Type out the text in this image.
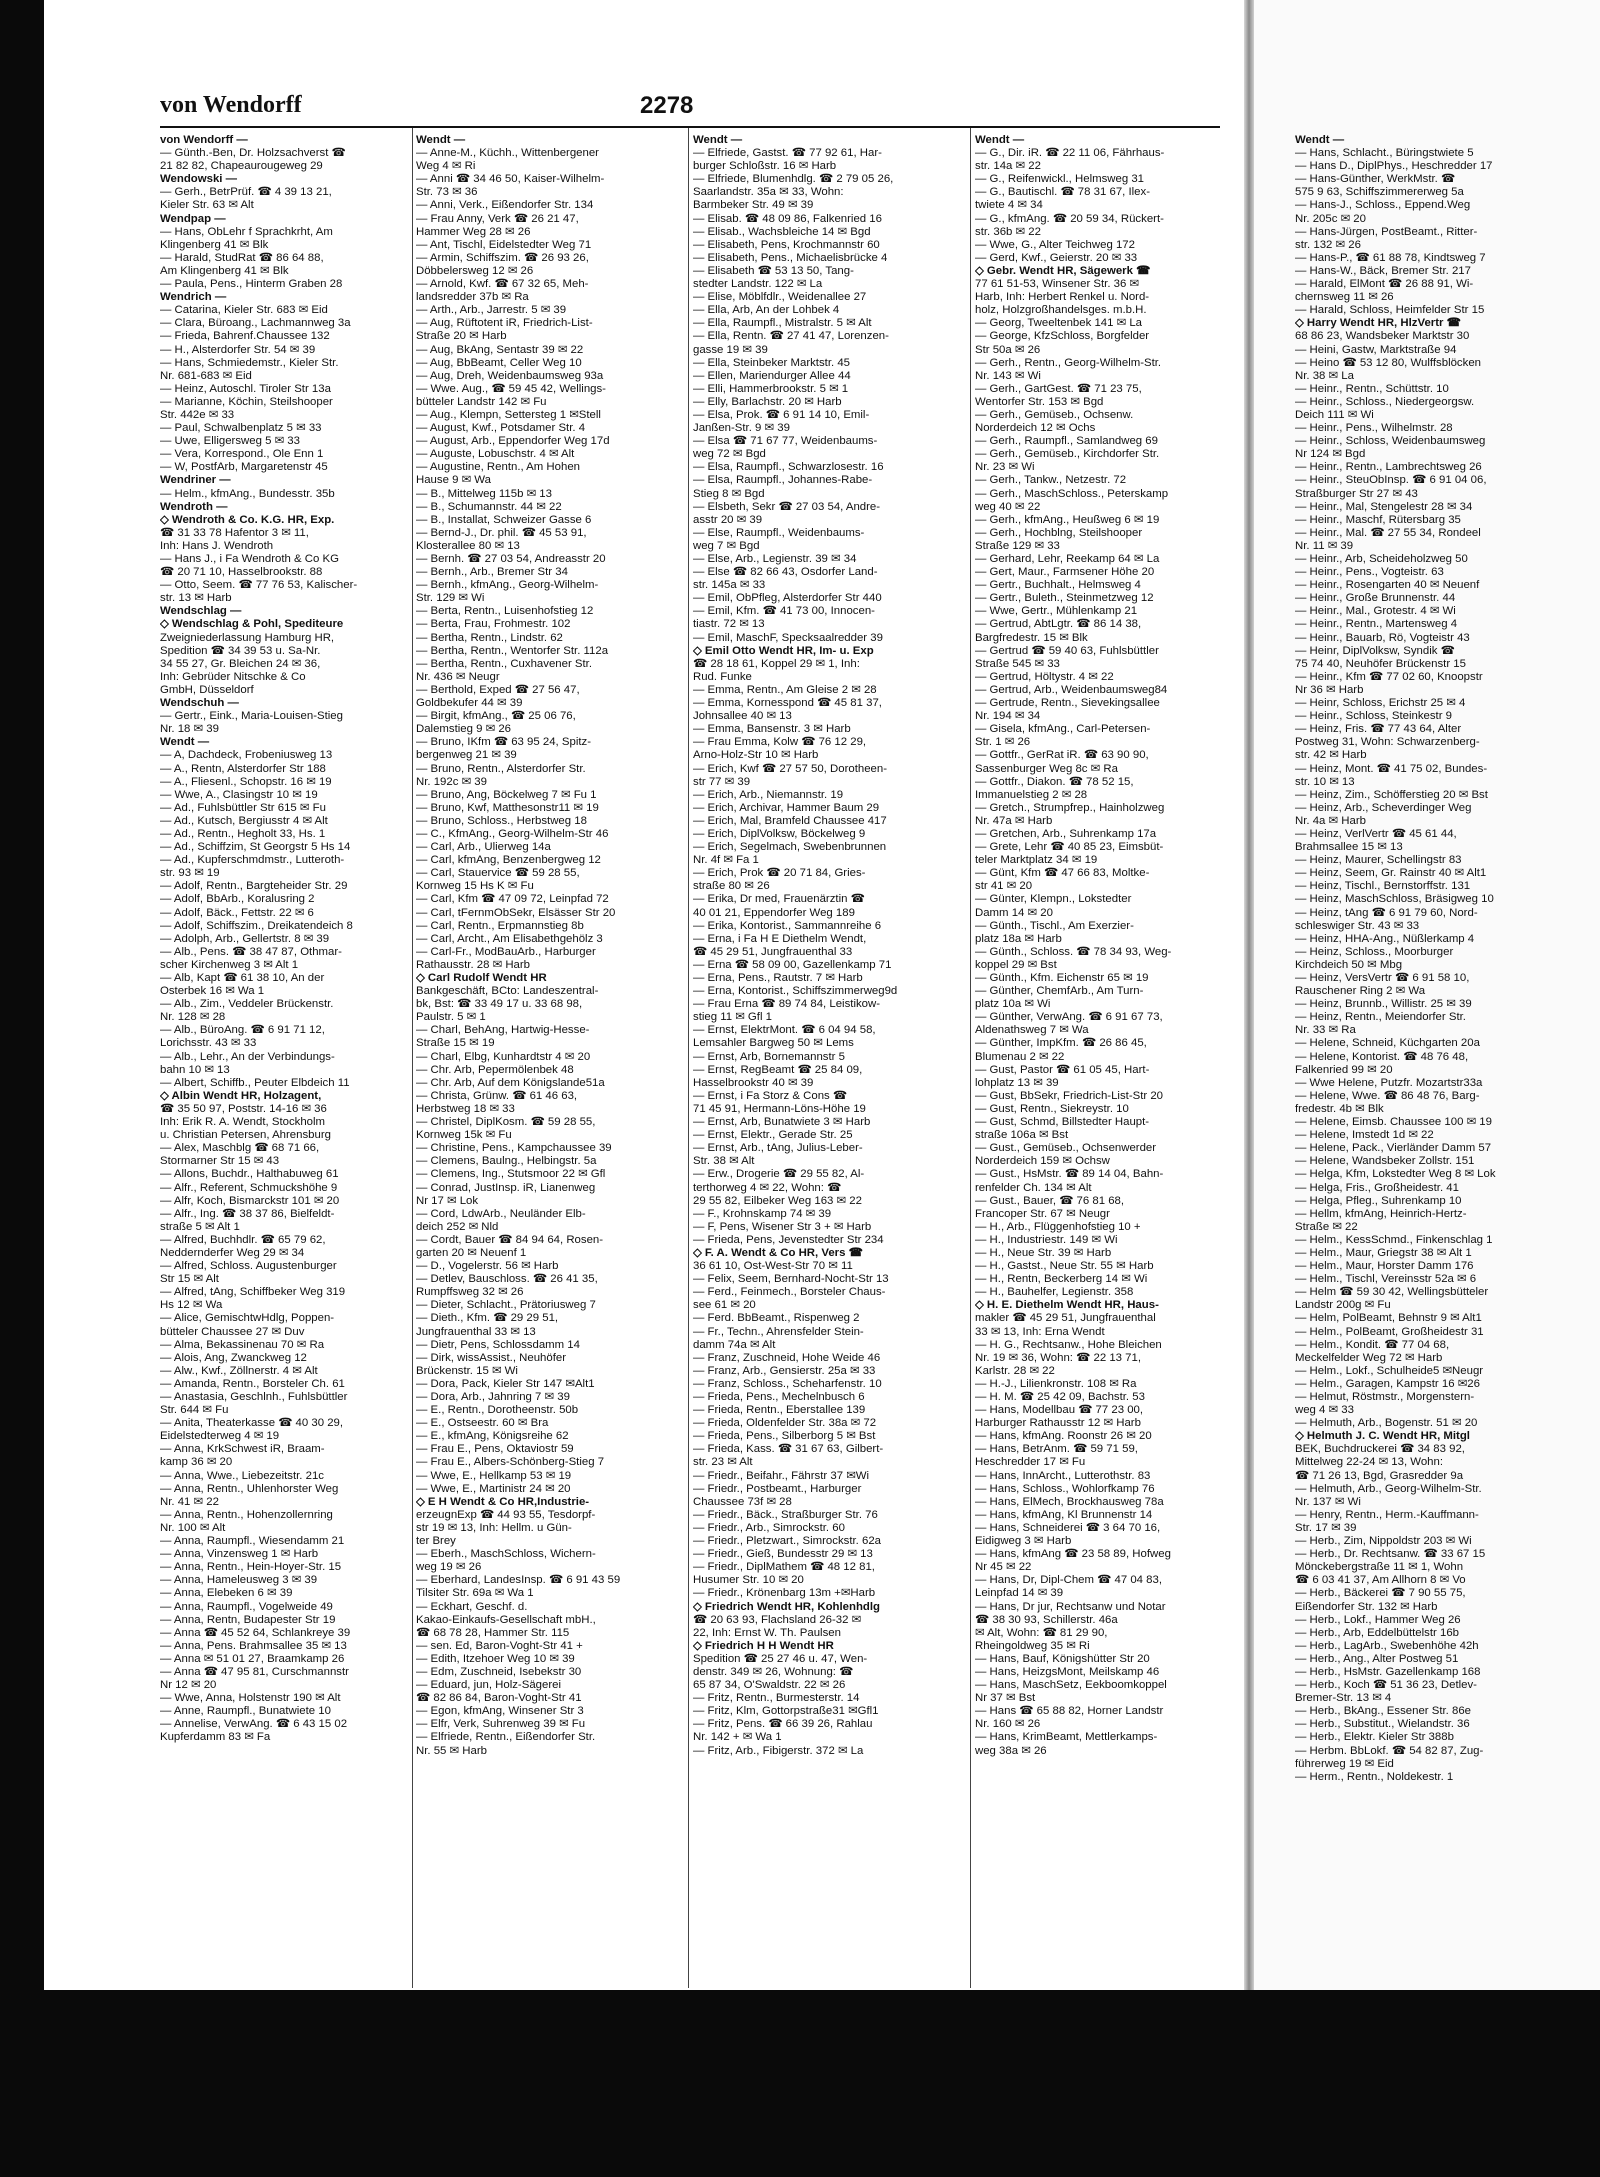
von Wendorff	2278
von Wendorff —
— Günth.-Ben, Dr. Holzsachverst ☎
21 82 82, Chapeaurougeweg 29
Wendowski —
— Gerh., BetrPrüf. ☎ 4 39 13 21,
Kieler Str. 63 ✉ Alt
Wendpap —
— Hans, ObLehr f Sprachkrht, Am
Klingenberg 41 ✉ Blk
— Harald, StudRat ☎ 86 64 88,
Am Klingenberg 41 ✉ Blk
— Paula, Pens., Hinterm Graben 28
Wendrich —
— Catarina, Kieler Str. 683 ✉ Eid
— Clara, Büroang., Lachmannweg 3a
— Frieda, Bahrenf.Chaussee 132
— H., Alsterdorfer Str. 54 ✉ 39
— Hans, Schmiedemstr., Kieler Str.
Nr. 681-683 ✉ Eid
— Heinz, Autoschl. Tiroler Str 13a
— Marianne, Köchin, Steilshooper
Str. 442e ✉ 33
— Paul, Schwalbenplatz 5 ✉ 33
— Uwe, Elligersweg 5 ✉ 33
— Vera, Korrespond., Ole Enn 1
— W, PostfArb, Margaretenstr 45
Wendriner —
— Helm., kfmAng., Bundesstr. 35b
Wendroth —
◇ Wendroth & Co. K.G. HR, Exp.
☎ 31 33 78 Hafentor 3 ✉ 11,
Inh: Hans J. Wendroth
— Hans J., i Fa Wendroth & Co KG
☎ 20 71 10, Hasselbrookstr. 88
— Otto, Seem. ☎ 77 76 53, Kalischer-
str. 13 ✉ Harb
Wendschlag —
◇ Wendschlag & Pohl, Spediteure
Zweigniederlassung Hamburg HR,
Spedition ☎ 34 39 53 u. Sa-Nr.
34 55 27, Gr. Bleichen 24 ✉ 36,
Inh: Gebrüder Nitschke & Co
GmbH, Düsseldorf
Wendschuh —
— Gertr., Eink., Maria-Louisen-Stieg
Nr. 18 ✉ 39
Wendt —
— A, Dachdeck, Frobeniusweg 13
— A., Rentn, Alsterdorfer Str 188
— A., Fliesenl., Schopstr. 16 ✉ 19
— Wwe, A., Clasingstr 10 ✉ 19
— Ad., Fuhlsbüttler Str 615 ✉ Fu
— Ad., Kutsch, Bergiusstr 4 ✉ Alt
— Ad., Rentn., Hegholt 33, Hs. 1
— Ad., Schiffzim, St Georgstr 5 Hs 14
— Ad., Kupferschmdmstr., Lutteroth-
str. 93 ✉ 19
— Adolf, Rentn., Bargteheider Str. 29
— Adolf, BbArb., Koralusring 2
— Adolf, Bäck., Fettstr. 22 ✉ 6
— Adolf, Schiffszim., Dreikatendeich 8
— Adolph, Arb., Gellertstr. 8 ✉ 39
— Alb., Pens. ☎ 38 47 87, Othmar-
scher Kirchenweg 3 ✉ Alt 1
— Alb, Kapt ☎ 61 38 10, An der
Osterbek 16 ✉ Wa 1
— Alb., Zim., Veddeler Brückenstr.
Nr. 128 ✉ 28
— Alb., BüroAng. ☎ 6 91 71 12,
Lorichsstr. 43 ✉ 33
— Alb., Lehr., An der Verbindungs-
bahn 10 ✉ 13
— Albert, Schiffb., Peuter Elbdeich 11
◇ Albin Wendt HR, Holzagent,
☎ 35 50 97, Poststr. 14-16 ✉ 36
Inh: Erik R. A. Wendt, Stockholm
u. Christian Petersen, Ahrensburg
— Alex, Maschblg ☎ 68 71 66,
Stormarner Str 15 ✉ 43
— Allons, Buchdr., Halthabuweg 61
— Alfr., Referent, Schmuckshöhe 9
— Alfr, Koch, Bismarckstr 101 ✉ 20
— Alfr., Ing. ☎ 38 37 86, Bielfeldt-
straße 5 ✉ Alt 1
— Alfred, Buchhdlr. ☎ 65 79 62,
Neddernderfer Weg 29 ✉ 34
— Alfred, Schloss. Augustenburger
Str 15 ✉ Alt
— Alfred, tAng, Schiffbeker Weg 319
Hs 12 ✉ Wa
— Alice, GemischtwHdlg, Poppen-
bütteler Chaussee 27 ✉ Duv
— Alma, Bekassinenau 70 ✉ Ra
— Alois, Ang, Zwanckweg 12
— Alw., Kwf., Zöllnerstr. 4 ✉ Alt
— Amanda, Rentn., Borsteler Ch. 61
— Anastasia, Geschlnh., Fuhlsbüttler
Str. 644 ✉ Fu
— Anita, Theaterkasse ☎ 40 30 29,
Eidelstedterweg 4 ✉ 19
— Anna, KrkSchwest iR, Braam-
kamp 36 ✉ 20
— Anna, Wwe., Liebezeitstr. 21c
— Anna, Rentn., Uhlenhorster Weg
Nr. 41 ✉ 22
— Anna, Rentn., Hohenzollernring
Nr. 100 ✉ Alt
— Anna, Raumpfl., Wiesendamm 21
— Anna, Vinzensweg 1 ✉ Harb
— Anna, Rentn., Hein-Hoyer-Str. 15
— Anna, Hameleusweg 3 ✉ 39
— Anna, Elebeken 6 ✉ 39
— Anna, Raumpfl., Vogelweide 49
— Anna, Rentn, Budapester Str 19
— Anna ☎ 45 52 64, Schlankreye 39
— Anna, Pens. Brahmsallee 35 ✉ 13
— Anna ✉ 51 01 27, Braamkamp 26
— Anna ☎ 47 95 81, Curschmannstr
Nr 12 ✉ 20
— Wwe, Anna, Holstenstr 190 ✉ Alt
— Anne, Raumpfl., Bunatwiete 10
— Annelise, VerwAng. ☎ 6 43 15 02
Kupferdamm 83 ✉ Fa
Wendt —
— Anne-M., Küchh., Wittenbergener
Weg 4 ✉ Ri
— Anni ☎ 34 46 50, Kaiser-Wilhelm-
Str. 73 ✉ 36
— Anni, Verk., Eißendorfer Str. 134
— Frau Anny, Verk ☎ 26 21 47,
Hammer Weg 28 ✉ 26
— Ant, Tischl, Eidelstedter Weg 71
— Armin, Schiffszim. ☎ 26 93 26,
Döbbelersweg 12 ✉ 26
— Arnold, Kwf. ☎ 67 32 65, Meh-
landsredder 37b ✉ Ra
— Arth., Arb., Jarrestr. 5 ✉ 39
— Aug, Rüftotent iR, Friedrich-List-
Straße 20 ✉ Harb
— Aug, BkAng, Sentastr 39 ✉ 22
— Aug, BbBeamt, Celler Weg 10
— Aug, Dreh, Weidenbaumsweg 93a
— Wwe. Aug., ☎ 59 45 42, Wellings-
bütteler Landstr 142 ✉ Fu
— Aug., Klempn, Settersteg 1 ✉Stell
— August, Kwf., Potsdamer Str. 4
— August, Arb., Eppendorfer Weg 17d
— Auguste, Lobuschstr. 4 ✉ Alt
— Augustine, Rentn., Am Hohen
Hause 9 ✉ Wa
— B., Mittelweg 115b ✉ 13
— B., Schumannstr. 44 ✉ 22
— B., Installat, Schweizer Gasse 6
— Bernd-J., Dr. phil. ☎ 45 53 91,
Klosterallee 80 ✉ 13
— Bernh. ☎ 27 03 54, Andreasstr 20
— Bernh., Arb., Bremer Str 34
— Bernh., kfmAng., Georg-Wilhelm-
Str. 129 ✉ Wi
— Berta, Rentn., Luisenhofstieg 12
— Berta, Frau, Frohmestr. 102
— Bertha, Rentn., Lindstr. 62
— Bertha, Rentn., Wentorfer Str. 112a
— Bertha, Rentn., Cuxhavener Str.
Nr. 436 ✉ Neugr
— Berthold, Exped ☎ 27 56 47,
Goldbekufer 44 ✉ 39
— Birgit, kfmAng., ☎ 25 06 76,
Dalemstieg 9 ✉ 26
— Bruno, IKfm ☎ 63 95 24, Spitz-
bergenweg 21 ✉ 39
— Bruno, Rentn., Alsterdorfer Str.
Nr. 192c ✉ 39
— Bruno, Ang, Böckelweg 7 ✉ Fu 1
— Bruno, Kwf, Matthesonstr11 ✉ 19
— Bruno, Schloss., Herbstweg 18
— C., KfmAng., Georg-Wilhelm-Str 46
— Carl, Arb., Ulierweg 14a
— Carl, kfmAng, Benzenbergweg 12
— Carl, Stauervice ☎ 59 28 55,
Kornweg 15 Hs K ✉ Fu
— Carl, Kfm ☎ 47 09 72, Leinpfad 72
— Carl, tFernmObSekr, Elsässer Str 20
— Carl, Rentn., Erpmannstieg 8b
— Carl, Archt., Am Elisabethgehölz 3
— Carl-Fr., ModBauArb., Harburger
Rathausstr. 28 ✉ Harb
◇ Carl Rudolf Wendt HR
Bankgeschäft, BCto: Landeszentral-
bk, Bst: ☎ 33 49 17 u. 33 68 98,
Paulstr. 5 ✉ 1
— Charl, BehAng, Hartwig-Hesse-
Straße 15 ✉ 19
— Charl, Elbg, Kunhardtstr 4 ✉ 20
— Chr. Arb, Pepermölenbek 48
— Chr. Arb, Auf dem Königslande51a
— Christa, Grünw. ☎ 61 46 63,
Herbstweg 18 ✉ 33
— Christel, DiplKosm. ☎ 59 28 55,
Kornweg 15k ✉ Fu
— Christine, Pens., Kampchaussee 39
— Clemens, Baulng., Helbingstr. 5a
— Clemens, Ing., Stutsmoor 22 ✉ Gfl
— Conrad, JustInsp. iR, Lianenweg
Nr 17 ✉ Lok
— Cord, LdwArb., Neuländer Elb-
deich 252 ✉ Nld
— Cordt, Bauer ☎ 84 94 64, Rosen-
garten 20 ✉ Neuenf 1
— D., Vogelerstr. 56 ✉ Harb
— Detlev, Bauschloss. ☎ 26 41 35,
Rumpffsweg 32 ✉ 26
— Dieter, Schlacht., Prätoriusweg 7
— Dieth., Kfm. ☎ 29 29 51,
Jungfrauenthal 33 ✉ 13
— Dietr, Pens, Schlossdamm 14
— Dirk, wissAssist., Neuhöfer
Brückenstr. 15 ✉ Wi
— Dora, Pack, Kieler Str 147 ✉Alt1
— Dora, Arb., Jahnring 7 ✉ 39
— E., Rentn., Dorotheenstr. 50b
— E., Ostseestr. 60 ✉ Bra
— E., kfmAng, Königsreihe 62
— Frau E., Pens, Oktaviostr 59
— Frau E., Albers-Schönberg-Stieg 7
— Wwe, E., Hellkamp 53 ✉ 19
— Wwe, E., Martinistr 24 ✉ 20
◇ E H Wendt & Co HR,Industrie-
erzeugnExp ☎ 44 93 55, Tesdorpf-
str 19 ✉ 13, Inh: Hellm. u Gün-
ter Brey
— Eberh., MaschSchloss, Wichern-
weg 19 ✉ 26
— Eberhard, LandesInsp. ☎ 6 91 43 59
Tilsiter Str. 69a ✉ Wa 1
— Eckhart, Geschf. d.
Kakao-Einkaufs-Gesellschaft mbH.,
☎ 68 78 28, Hammer Str. 115
— sen. Ed, Baron-Voght-Str 41 +
— Edith, Itzehoer Weg 10 ✉ 39
— Edm, Zuschneid, Isebekstr 30
— Eduard, jun, Holz-Sägerei
☎ 82 86 84, Baron-Voght-Str 41
— Egon, kfmAng, Winsener Str 3
— Elfr, Verk, Suhrenweg 39 ✉ Fu
— Elfriede, Rentn., Eißendorfer Str.
Nr. 55 ✉ Harb
Wendt —
— Elfriede, Gastst. ☎ 77 92 61, Har-
burger Schloßstr. 16 ✉ Harb
— Elfriede, Blumenhdlg. ☎ 2 79 05 26,
Saarlandstr. 35a ✉ 33, Wohn:
Barmbeker Str. 49 ✉ 39
— Elisab. ☎ 48 09 86, Falkenried 16
— Elisab., Wachsbleiche 14 ✉ Bgd
— Elisabeth, Pens, Krochmannstr 60
— Elisabeth, Pens., Michaelisbrücke 4
— Elisabeth ☎ 53 13 50, Tang-
stedter Landstr. 122 ✉ La
— Elise, Möblfdlr., Weidenallee 27
— Ella, Arb, An der Lohbek 4
— Ella, Raumpfl., Mistralstr. 5 ✉ Alt
— Ella, Rentn. ☎ 27 41 47, Lorenzen-
gasse 19 ✉ 39
— Ella, Steinbeker Marktstr. 45
— Ellen, Mariendurger Allee 44
— Elli, Hammerbrookstr. 5 ✉ 1
— Elly, Barlachstr. 20 ✉ Harb
— Elsa, Prok. ☎ 6 91 14 10, Emil-
Janßen-Str. 9 ✉ 39
— Elsa ☎ 71 67 77, Weidenbaums-
weg 72 ✉ Bgd
— Elsa, Raumpfl., Schwarzlosestr. 16
— Elsa, Raumpfl., Johannes-Rabe-
Stieg 8 ✉ Bgd
— Elsbeth, Sekr ☎ 27 03 54, Andre-
asstr 20 ✉ 39
— Else, Raumpfl., Weidenbaums-
weg 7 ✉ Bgd
— Else, Arb., Legienstr. 39 ✉ 34
— Else ☎ 82 66 43, Osdorfer Land-
str. 145a ✉ 33
— Emil, ObPfleg, Alsterdorfer Str 440
— Emil, Kfm. ☎ 41 73 00, Innocen-
tiastr. 72 ✉ 13
— Emil, MaschF, Specksaalredder 39
◇ Emil Otto Wendt HR, Im- u. Exp
☎ 28 18 61, Koppel 29 ✉ 1, Inh:
Rud. Funke
— Emma, Rentn., Am Gleise 2 ✉ 28
— Emma, Kornesspond ☎ 45 81 37,
Johnsallee 40 ✉ 13
— Emma, Bansenstr. 3 ✉ Harb
— Frau Emma, Kolw ☎ 76 12 29,
Arno-Holz-Str 10 ✉ Harb
— Erich, Kwf ☎ 27 57 50, Dorotheen-
str 77 ✉ 39
— Erich, Arb., Niemannstr. 19
— Erich, Archivar, Hammer Baum 29
— Erich, Mal, Bramfeld Chaussee 417
— Erich, DiplVolksw, Böckelweg 9
— Erich, Segelmach, Swebenbrunnen
Nr. 4f ✉ Fa 1
— Erich, Prok ☎ 20 71 84, Gries-
straße 80 ✉ 26
— Erika, Dr med, Frauenärztin ☎
40 01 21, Eppendorfer Weg 189
— Erika, Kontorist., Sammannreihe 6
— Erna, i Fa H E Diethelm Wendt,
☎ 45 29 51, Jungfrauenthal 33
— Erna ☎ 58 09 00, Gazellenkamp 71
— Erna, Pens., Rautstr. 7 ✉ Harb
— Erna, Kontorist., Schiffszimmerweg9d
— Frau Erna ☎ 89 74 84, Leistikow-
stieg 11 ✉ Gfl 1
— Ernst, ElektrMont. ☎ 6 04 94 58,
Lemsahler Bargweg 50 ✉ Lems
— Ernst, Arb, Bornemannstr 5
— Ernst, RegBeamt ☎ 25 84 09,
Hasselbrookstr 40 ✉ 39
— Ernst, i Fa Storz & Cons ☎
71 45 91, Hermann-Löns-Höhe 19
— Ernst, Arb, Bunatwiete 3 ✉ Harb
— Ernst, Elektr., Gerade Str. 25
— Ernst, Arb., tAng, Julius-Leber-
Str. 38 ✉ Alt
— Erw., Drogerie ☎ 29 55 82, Al-
terthorweg 4 ✉ 22, Wohn: ☎
29 55 82, Eilbeker Weg 163 ✉ 22
— F., Krohnskamp 74 ✉ 39
— F, Pens, Wisener Str 3 + ✉ Harb
— Frieda, Pens, Jevenstedter Str 234
◇ F. A. Wendt & Co HR, Vers ☎
36 61 10, Ost-West-Str 70 ✉ 11
— Felix, Seem, Bernhard-Nocht-Str 13
— Ferd., Feinmech., Borsteler Chaus-
see 61 ✉ 20
— Ferd. BbBeamt., Rispenweg 2
— Fr., Techn., Ahrensfelder Stein-
damm 74a ✉ Alt
— Franz, Zuschneid, Hohe Weide 46
— Franz, Arb., Gensierstr. 25a ✉ 33
— Franz, Schloss., Scheharfenstr. 10
— Frieda, Pens., Mechelnbusch 6
— Frieda, Rentn., Eberstallee 139
— Frieda, Oldenfelder Str. 38a ✉ 72
— Frieda, Pens., Silberborg 5 ✉ Bst
— Frieda, Kass. ☎ 31 67 63, Gilbert-
str. 23 ✉ Alt
— Friedr., Beifahr., Fährstr 37 ✉Wi
— Friedr., Postbeamt., Harburger
Chaussee 73f ✉ 28
— Friedr., Bäck., Straßburger Str. 76
— Friedr., Arb., Simrockstr. 60
— Friedr., Pletzwart., Simrockstr. 62a
— Friedr., Gieß, Bundesstr 29 ✉ 13
— Friedr., DiplMathem ☎ 48 12 81,
Husumer Str. 10 ✉ 20
— Friedr., Krönenbarg 13m +✉Harb
◇ Friedrich Wendt HR, Kohlenhdlg
☎ 20 63 93, Flachsland 26-32 ✉
22, Inh: Ernst W. Th. Paulsen
◇ Friedrich H H Wendt HR
Spedition ☎ 25 27 46 u. 47, Wen-
denstr. 349 ✉ 26, Wohnung: ☎
65 87 34, O'Swaldstr. 22 ✉ 26
— Fritz, Rentn., Burmesterstr. 14
— Fritz, Klm, Gottorpstraße31 ✉Gfl1
— Fritz, Pens. ☎ 66 39 26, Rahlau
Nr. 142 + ✉ Wa 1
— Fritz, Arb., Fibigerstr. 372 ✉ La
Wendt —
— G., Dir. iR. ☎ 22 11 06, Fährhaus-
str. 14a ✉ 22
— G., Reifenwickl., Helmsweg 31
— G., Bautischl. ☎ 78 31 67, Ilex-
twiete 4 ✉ 34
— G., kfmAng. ☎ 20 59 34, Rückert-
str. 36b ✉ 22
— Wwe, G., Alter Teichweg 172
— Gerd, Kwf., Geierstr. 20 ✉ 33
◇ Gebr. Wendt HR, Sägewerk ☎
77 61 51-53, Winsener Str. 36 ✉
Harb, Inh: Herbert Renkel u. Nord-
holz, Holzgroßhandelsges. m.b.H.
— Georg, Tweeltenbek 141 ✉ La
— George, KfzSchloss, Borgfelder
Str 50a ✉ 26
— Gerh., Rentn., Georg-Wilhelm-Str.
Nr. 143 ✉ Wi
— Gerh., GartGest. ☎ 71 23 75,
Wentorfer Str. 153 ✉ Bgd
— Gerh., Gemüseb., Ochsenw.
Norderdeich 12 ✉ Ochs
— Gerh., Raumpfl., Samlandweg 69
— Gerh., Gemüseb., Kirchdorfer Str.
Nr. 23 ✉ Wi
— Gerh., Tankw., Netzestr. 72
— Gerh., MaschSchloss., Peterskamp
weg 40 ✉ 22
— Gerh., kfmAng., Heußweg 6 ✉ 19
— Gerh., Hochblng, Steilshooper
Straße 129 ✉ 33
— Gerhard, Lehr, Reekamp 64 ✉ La
— Gert, Maur., Farmsener Höhe 20
— Gertr., Buchhalt., Helmsweg 4
— Gertr., Buleth., Steinmetzweg 12
— Wwe, Gertr., Mühlenkamp 21
— Gertrud, AbtLgtr. ☎ 86 14 38,
Bargfredestr. 15 ✉ Blk
— Gertrud ☎ 59 40 63, Fuhlsbüttler
Straße 545 ✉ 33
— Gertrud, Höltystr. 4 ✉ 22
— Gertrud, Arb., Weidenbaumsweg84
— Gertrude, Rentn., Sievekingsallee
Nr. 194 ✉ 34
— Gisela, kfmAng., Carl-Petersen-
Str. 1 ✉ 26
— Gottfr., GerRat iR. ☎ 63 90 90,
Sassenburger Weg 8c ✉ Ra
— Gottfr., Diakon. ☎ 78 52 15,
Immanuelstieg 2 ✉ 28
— Gretch., Strumpfrep., Hainholzweg
Nr. 47a ✉ Harb
— Gretchen, Arb., Suhrenkamp 17a
— Grete, Lehr ☎ 40 85 23, Eimsbüt-
teler Marktplatz 34 ✉ 19
— Günt, Kfm ☎ 47 66 83, Moltke-
str 41 ✉ 20
— Günter, Klempn., Lokstedter
Damm 14 ✉ 20
— Günth., Tischl., Am Exerzier-
platz 18a ✉ Harb
— Günth., Schloss. ☎ 78 34 93, Weg-
koppel 29 ✉ Bst
— Günth., Kfm. Eichenstr 65 ✉ 19
— Günther, ChemfArb., Am Turn-
platz 10a ✉ Wi
— Günther, VerwAng. ☎ 6 91 67 73,
Aldenathsweg 7 ✉ Wa
— Günther, ImpKfm. ☎ 26 86 45,
Blumenau 2 ✉ 22
— Gust, Pastor ☎ 61 05 45, Hart-
lohplatz 13 ✉ 39
— Gust, BbSekr, Friedrich-List-Str 20
— Gust, Rentn., Siekreystr. 10
— Gust, Schmd, Billstedter Haupt-
straße 106a ✉ Bst
— Gust., Gemüseb., Ochsenwerder
Norderdeich 159 ✉ Ochsw
— Gust., HsMstr. ☎ 89 14 04, Bahn-
renfelder Ch. 134 ✉ Alt
— Gust., Bauer, ☎ 76 81 68,
Francoper Str. 67 ✉ Neugr
— H., Arb., Flüggenhofstieg 10 +
— H., Industriestr. 149 ✉ Wi
— H., Neue Str. 39 ✉ Harb
— H., Gastst., Neue Str. 55 ✉ Harb
— H., Rentn, Beckerberg 14 ✉ Wi
— H., Bauhelfer, Legienstr. 358
◇ H. E. Diethelm Wendt HR, Haus-
makler ☎ 45 29 51, Jungfrauenthal
33 ✉ 13, Inh: Erna Wendt
— H. G., Rechtsanw., Hohe Bleichen
Nr. 19 ✉ 36, Wohn: ☎ 22 13 71,
Karlstr. 28 ✉ 22
— H.-J., Lilienkronstr. 108 ✉ Ra
— H. M. ☎ 25 42 09, Bachstr. 53
— Hans, Modellbau ☎ 77 23 00,
Harburger Rathausstr 12 ✉ Harb
— Hans, kfmAng. Roonstr 26 ✉ 20
— Hans, BetrAnm. ☎ 59 71 59,
Heschredder 17 ✉ Fu
— Hans, InnArcht., Lutterothstr. 83
— Hans, Schloss., Wohlorfkamp 76
— Hans, ElMech, Brockhausweg 78a
— Hans, kfmAng, Kl Brunnenstr 14
— Hans, Schneiderei ☎ 3 64 70 16,
Eidigweg 3 ✉ Harb
— Hans, kfmAng ☎ 23 58 89, Hofweg
Nr 45 ✉ 22
— Hans, Dr, Dipl-Chem ☎ 47 04 83,
Leinpfad 14 ✉ 39
— Hans, Dr jur, Rechtsanw und Notar
☎ 38 30 93, Schillerstr. 46a
✉ Alt, Wohn: ☎ 81 29 90,
Rheingoldweg 35 ✉ Ri
— Hans, Bauf, Königshütter Str 20
— Hans, HeizgsMont, Meilskamp 46
— Hans, MaschSetz, Eekboomkoppel
Nr 37 ✉ Bst
— Hans ☎ 65 88 82, Horner Landstr
Nr. 160 ✉ 26
— Hans, KrimBeamt, Mettlerkamps-
weg 38a ✉ 26
Wendt —
— Hans, Schlacht., Büringstwiete 5
— Hans D., DiplPhys., Heschredder 17
— Hans-Günther, WerkMstr. ☎
575 9 63, Schiffszimmererweg 5a
— Hans-J., Schloss., Eppend.Weg
Nr. 205c ✉ 20
— Hans-Jürgen, PostBeamt., Ritter-
str. 132 ✉ 26
— Hans-P., ☎ 61 88 78, Kindtsweg 7
— Hans-W., Bäck, Bremer Str. 217
— Harald, ElMont ☎ 26 88 91, Wi-
chernsweg 11 ✉ 26
— Harald, Schloss, Heimfelder Str 15
◇ Harry Wendt HR, HlzVertr ☎
68 86 23, Wandsbeker Marktstr 30
— Heini, Gastw, Marktstraße 94
— Heino ☎ 53 12 80, Wulffsblöcken
Nr. 38 ✉ La
— Heinr., Rentn., Schüttstr. 10
— Heinr., Schloss., Niedergeorgsw.
Deich 111 ✉ Wi
— Heinr., Pens., Wilhelmstr. 28
— Heinr., Schloss, Weidenbaumsweg
Nr 124 ✉ Bgd
— Heinr., Rentn., Lambrechtsweg 26
— Heinr., SteuObInsp. ☎ 6 91 04 06,
Straßburger Str 27 ✉ 43
— Heinr., Mal, Stengelestr 28 ✉ 34
— Heinr., Maschf, Rütersbarg 35
— Heinr., Mal. ☎ 27 55 34, Rondeel
Nr. 11 ✉ 39
— Heinr., Arb, Scheideholzweg 50
— Heinr., Pens., Vogteistr. 63
— Heinr., Rosengarten 40 ✉ Neuenf
— Heinr., Große Brunnenstr. 44
— Heinr., Mal., Grotestr. 4 ✉ Wi
— Heinr., Rentn., Martensweg 4
— Heinr., Bauarb, Rö, Vogteistr 43
— Heinr, DiplVolksw, Syndik ☎
75 74 40, Neuhöfer Brückenstr 15
— Heinr., Kfm ☎ 77 02 60, Knoopstr
Nr 36 ✉ Harb
— Heinr, Schloss, Erichstr 25 ✉ 4
— Heinr., Schloss, Steinkestr 9
— Heinz, Fris. ☎ 77 43 64, Alter
Postweg 31, Wohn: Schwarzenberg-
str. 42 ✉ Harb
— Heinz, Mont. ☎ 41 75 02, Bundes-
str. 10 ✉ 13
— Heinz, Zim., Schöfferstieg 20 ✉ Bst
— Heinz, Arb., Scheverdinger Weg
Nr. 4a ✉ Harb
— Heinz, VerlVertr ☎ 45 61 44,
Brahmsallee 15 ✉ 13
— Heinz, Maurer, Schellingstr 83
— Heinz, Seem, Gr. Rainstr 40 ✉ Alt1
— Heinz, Tischl., Bernstorffstr. 131
— Heinz, MaschSchloss, Bräsigweg 10
— Heinz, tAng ☎ 6 91 79 60, Nord-
schleswiger Str. 43 ✉ 33
— Heinz, HHA-Ang., Nüßlerkamp 4
— Heinz, Schloss., Moorburger
Kirchdeich 50 ✉ Mbg
— Heinz, VersVertr ☎ 6 91 58 10,
Rauschener Ring 2 ✉ Wa
— Heinz, Brunnb., Willistr. 25 ✉ 39
— Heinz, Rentn., Meiendorfer Str.
Nr. 33 ✉ Ra
— Helene, Schneid, Küchgarten 20a
— Helene, Kontorist. ☎ 48 76 48,
Falkenried 99 ✉ 20
— Wwe Helene, Putzfr. Mozartstr33a
— Helene, Wwe. ☎ 86 48 76, Barg-
fredestr. 4b ✉ Blk
— Helene, Eimsb. Chaussee 100 ✉ 19
— Helene, Imstedt 1d ✉ 22
— Helene, Pack., Vierländer Damm 57
— Helene, Wandsbeker Zollstr. 151
— Helga, Kfm, Lokstedter Weg 8 ✉ Lok
— Helga, Fris., Großheidestr. 41
— Helga, Pfleg., Suhrenkamp 10
— Hellm, kfmAng, Heinrich-Hertz-
Straße ✉ 22
— Helm., KessSchmd., Finkenschlag 1
— Helm., Maur, Griegstr 38 ✉ Alt 1
— Helm., Maur, Horster Damm 176
— Helm., Tischl, Vereinsstr 52a ✉ 6
— Helm ☎ 59 30 42, Wellingsbütteler
Landstr 200g ✉ Fu
— Helm, PolBeamt, Behnstr 9 ✉ Alt1
— Helm., PolBeamt, Großheidestr 31
— Helm., Kondit. ☎ 77 04 68,
Meckelfelder Weg 72 ✉ Harb
— Helm., Lokf., Schulheide5 ✉Neugr
— Helm., Garagen, Kampstr 16 ✉26
— Helmut, Röstmstr., Morgenstern-
weg 4 ✉ 33
— Helmuth, Arb., Bogenstr. 51 ✉ 20
◇ Helmuth J. C. Wendt HR, Mitgl
BEK, Buchdruckerei ☎ 34 83 92,
Mittelweg 22-24 ✉ 13, Wohn:
☎ 71 26 13, Bgd, Grasredder 9a
— Helmuth, Arb., Georg-Wilhelm-Str.
Nr. 137 ✉ Wi
— Henry, Rentn., Herm.-Kauffmann-
Str. 17 ✉ 39
— Herb., Zim, Nippoldstr 203 ✉ Wi
— Herb., Dr. Rechtsanw. ☎ 33 67 15
Mönckebergstraße 11 ✉ 1, Wohn
☎ 6 03 41 37, Am Allhorn 8 ✉ Vo
— Herb., Bäckerei ☎ 7 90 55 75,
Eißendorfer Str. 132 ✉ Harb
— Herb., Lokf., Hammer Weg 26
— Herb., Arb, Eddelbüttelstr 16b
— Herb., LagArb., Swebenhöhe 42h
— Herb., Ang., Alter Postweg 51
— Herb., HsMstr. Gazellenkamp 168
— Herb., Koch ☎ 51 36 23, Detlev-
Bremer-Str. 13 ✉ 4
— Herb., BkAng., Essener Str. 86e
— Herb., Substitut., Wielandstr. 36
— Herb., Elektr. Kieler Str 388b
— Herbm. BbLokf. ☎ 54 82 87, Zug-
führerweg 19 ✉ Eid
— Herm., Rentn., Noldekestr. 1
